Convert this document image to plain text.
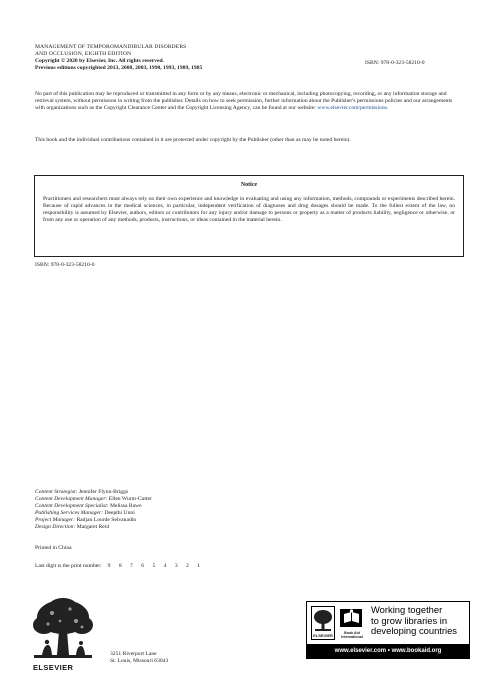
MANAGEMENT OF TEMPOROMANDIBULAR DISORDERS
AND OCCLUSION, EIGHTH EDITION
Copyright © 2020 by Elsevier, Inc. All rights reserved.
Previous editions copyrighted 2013, 2008, 2003, 1998, 1993, 1989, 1985
ISBN: 978-0-323-58210-0
No part of this publication may be reproduced or transmitted in any form or by any means, electronic or mechanical, including photocopying, recording, or any information storage and retrieval system, without permission in writing from the publisher. Details on how to seek permission, further information about the Publisher's permissions policies and our arrangements with organizations such as the Copyright Clearance Center and the Copyright Licensing Agency, can be found at our website: www.elsevier.com/permissions.
This book and the individual contributions contained in it are protected under copyright by the Publisher (other than as may be noted herein).
Notice
Practitioners and researchers must always rely on their own experience and knowledge in evaluating and using any information, methods, compounds or experiments described herein. Because of rapid advances in the medical sciences, in particular, independent verification of diagnoses and drug dosages should be made. To the fullest extent of the law, no responsibility is assumed by Elsevier, authors, editors or contributors for any injury and/or damage to persons or property as a matter of products liability, negligence or otherwise, or from any use or operation of any methods, products, instructions, or ideas contained in the material herein.
ISBN: 978-0-323-58210-0
Content Strategist: Jennifer Flynn-Briggs
Content Development Manager: Ellen Wurm-Cutter
Content Development Specialist: Melissa Rawe
Publishing Services Manager: Deepthi Unni
Project Manager: Radjan Lourde Selvanadin
Design Direction: Margaret Reid
Printed in China
Last digit is the print number: 9 8 7 6 5 4 3 2 1
ELSEVIER
3251 Riverport Lane
St. Louis, Missouri 63043
ELSEVIER	Book Aid
International
Working together
to grow libraries in
developing countries
www.elsevier.com • www.bookaid.org
